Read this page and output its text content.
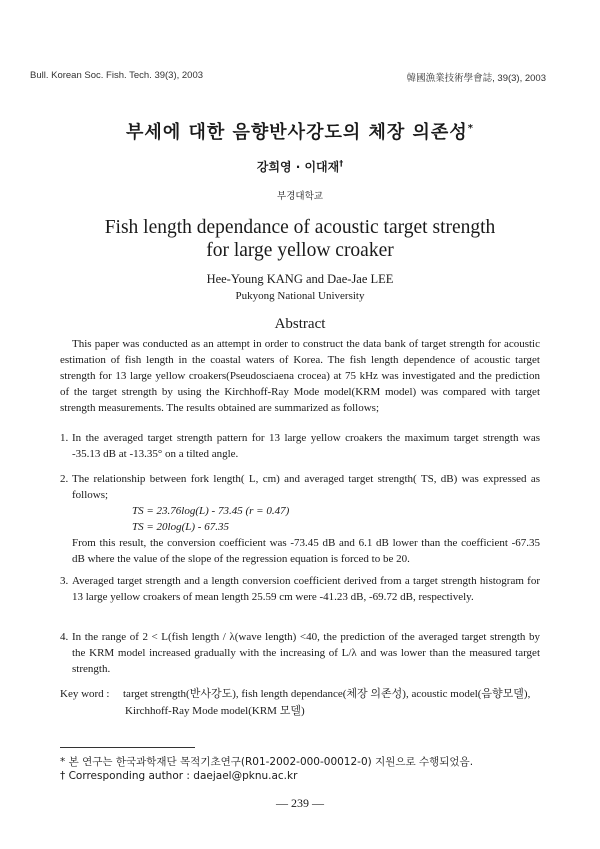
Bull. Korean Soc. Fish. Tech. 39(3), 2003	韓國漁業技術學會誌, 39(3), 2003
부세에 대한 음향반사강도의 체장 의존성*
강희영 · 이대재†
부경대학교
Fish length dependance of acoustic target strength
for large yellow croaker
Hee-Young KANG and Dae-Jae LEE
Pukyong National University
Abstract
This paper was conducted as an attempt in order to construct the data bank of target strength for acoustic estimation of fish length in the coastal waters of Korea. The fish length dependence of acoustic target strength for 13 large yellow croakers(Pseudosciaena crocea) at 75 kHz was investigated and the prediction of the target strength by using the Kirchhoff-Ray Mode model(KRM model) was compared with target strength measurements. The results obtained are summarized as follows;
1. In the averaged target strength pattern for 13 large yellow croakers the maximum target strength was -35.13 dB at -13.35° on a tilted angle.
2. The relationship between fork length( L, cm) and averaged target strength( TS, dB) was expressed as follows;
TS = 23.76log(L) - 73.45 (r = 0.47)
TS = 20log(L) - 67.35
From this result, the conversion coefficient was -73.45 dB and 6.1 dB lower than the coefficient -67.35 dB where the value of the slope of the regression equation is forced to be 20.
3. Averaged target strength and a length conversion coefficient derived from a target strength histogram for 13 large yellow croakers of mean length 25.59 cm were -41.23 dB, -69.72 dB, respectively.
4. In the range of 2 < L(fish length / λ(wave length) <40, the prediction of the averaged target strength by the KRM model increased gradually with the increasing of L/λ and was lower than the measured target strength.
Key word : target strength(반사강도), fish length dependance(체장 의존성), acoustic model(음향모델),
Kirchhoff-Ray Mode model(KRM 모델)
* 본 연구는 한국과학재단 목적기초연구(R01-2002-000-00012-0) 지원으로 수행되었음.
† Corresponding author : daejael@pknu.ac.kr
— 239 —
